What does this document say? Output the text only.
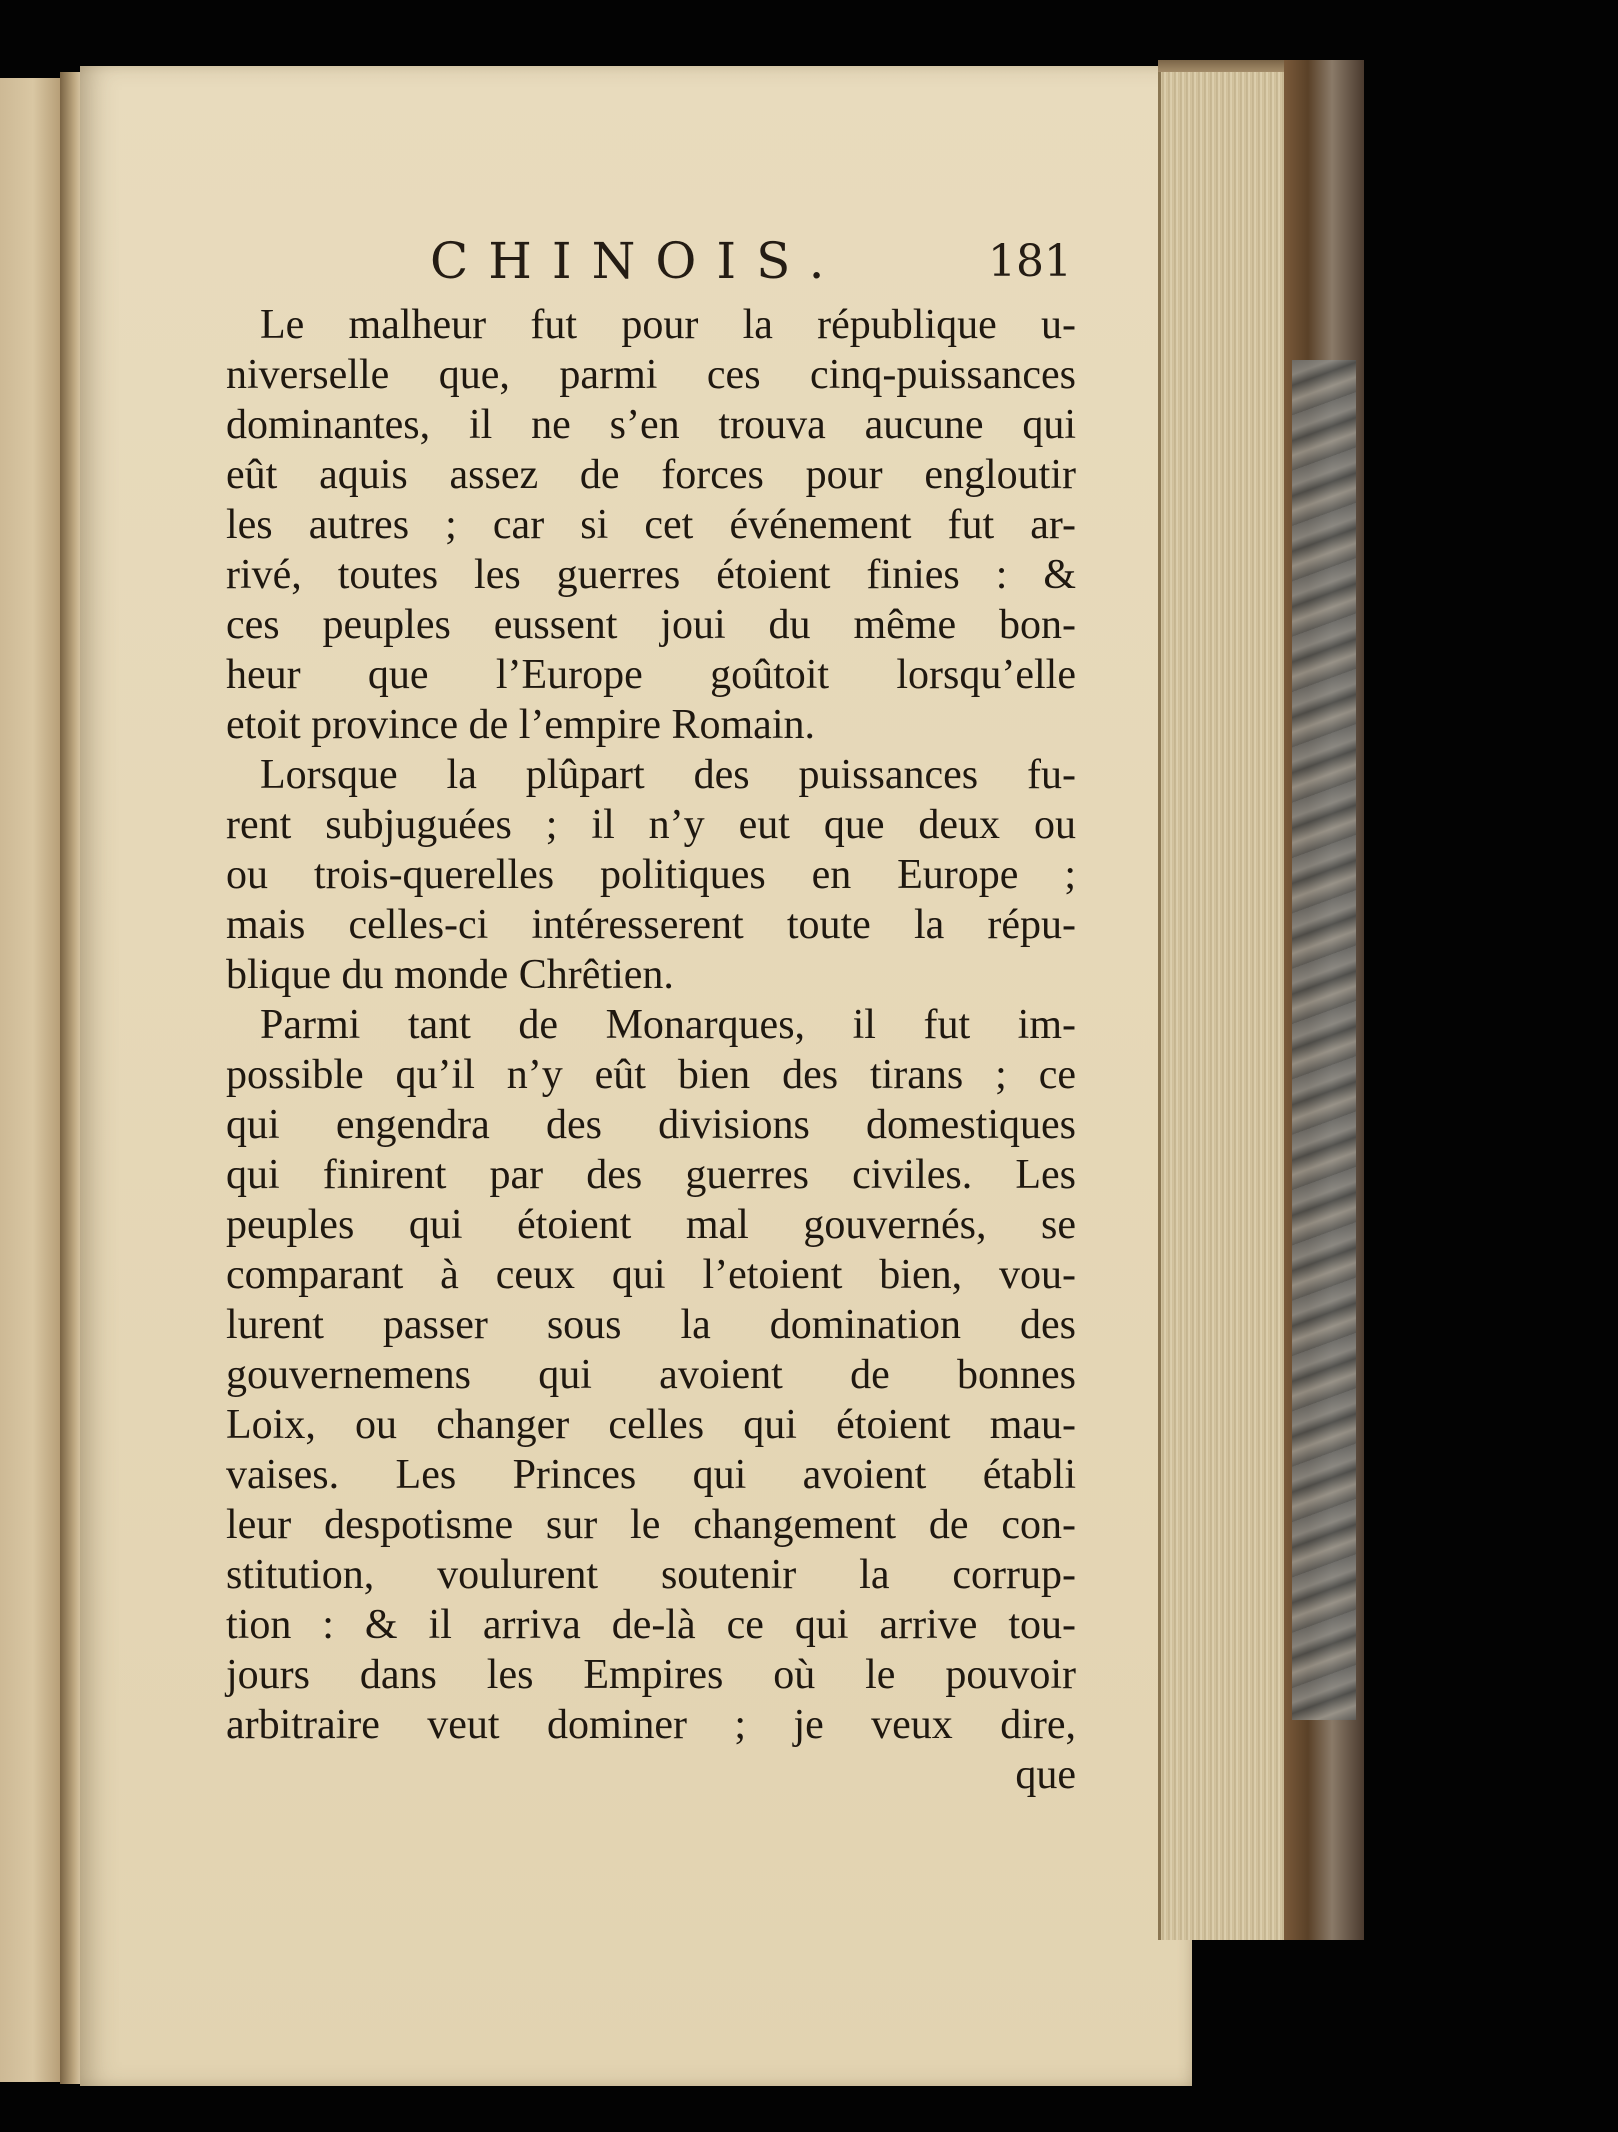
CHINOIS.	181
Le malheur fut pour la république u-
niverselle que, parmi ces cinq-puissances
dominantes, il ne s’en trouva aucune qui
eût aquis assez de forces pour engloutir
les autres ; car si cet événement fut ar-
rivé, toutes les guerres étoient finies : &
ces peuples eussent joui du même bon-
heur que l’Europe goûtoit lorsqu’elle
etoit province de l’empire Romain.
Lorsque la plûpart des puissances fu-
rent subjuguées ; il n’y eut que deux ou
ou trois-querelles politiques en Europe ;
mais celles-ci intéresserent toute la répu-
blique du monde Chrêtien.
Parmi tant de Monarques, il fut im-
possible qu’il n’y eût bien des tirans ; ce
qui engendra des divisions domestiques
qui finirent par des guerres civiles. Les
peuples qui étoient mal gouvernés, se
comparant à ceux qui l’etoient bien, vou-
lurent passer sous la domination des
gouvernemens qui avoient de bonnes
Loix, ou changer celles qui étoient mau-
vaises. Les Princes qui avoient établi
leur despotisme sur le changement de con-
stitution, voulurent soutenir la corrup-
tion : & il arriva de-là ce qui arrive tou-
jours dans les Empires où le pouvoir
arbitraire veut dominer ; je veux dire,
que
